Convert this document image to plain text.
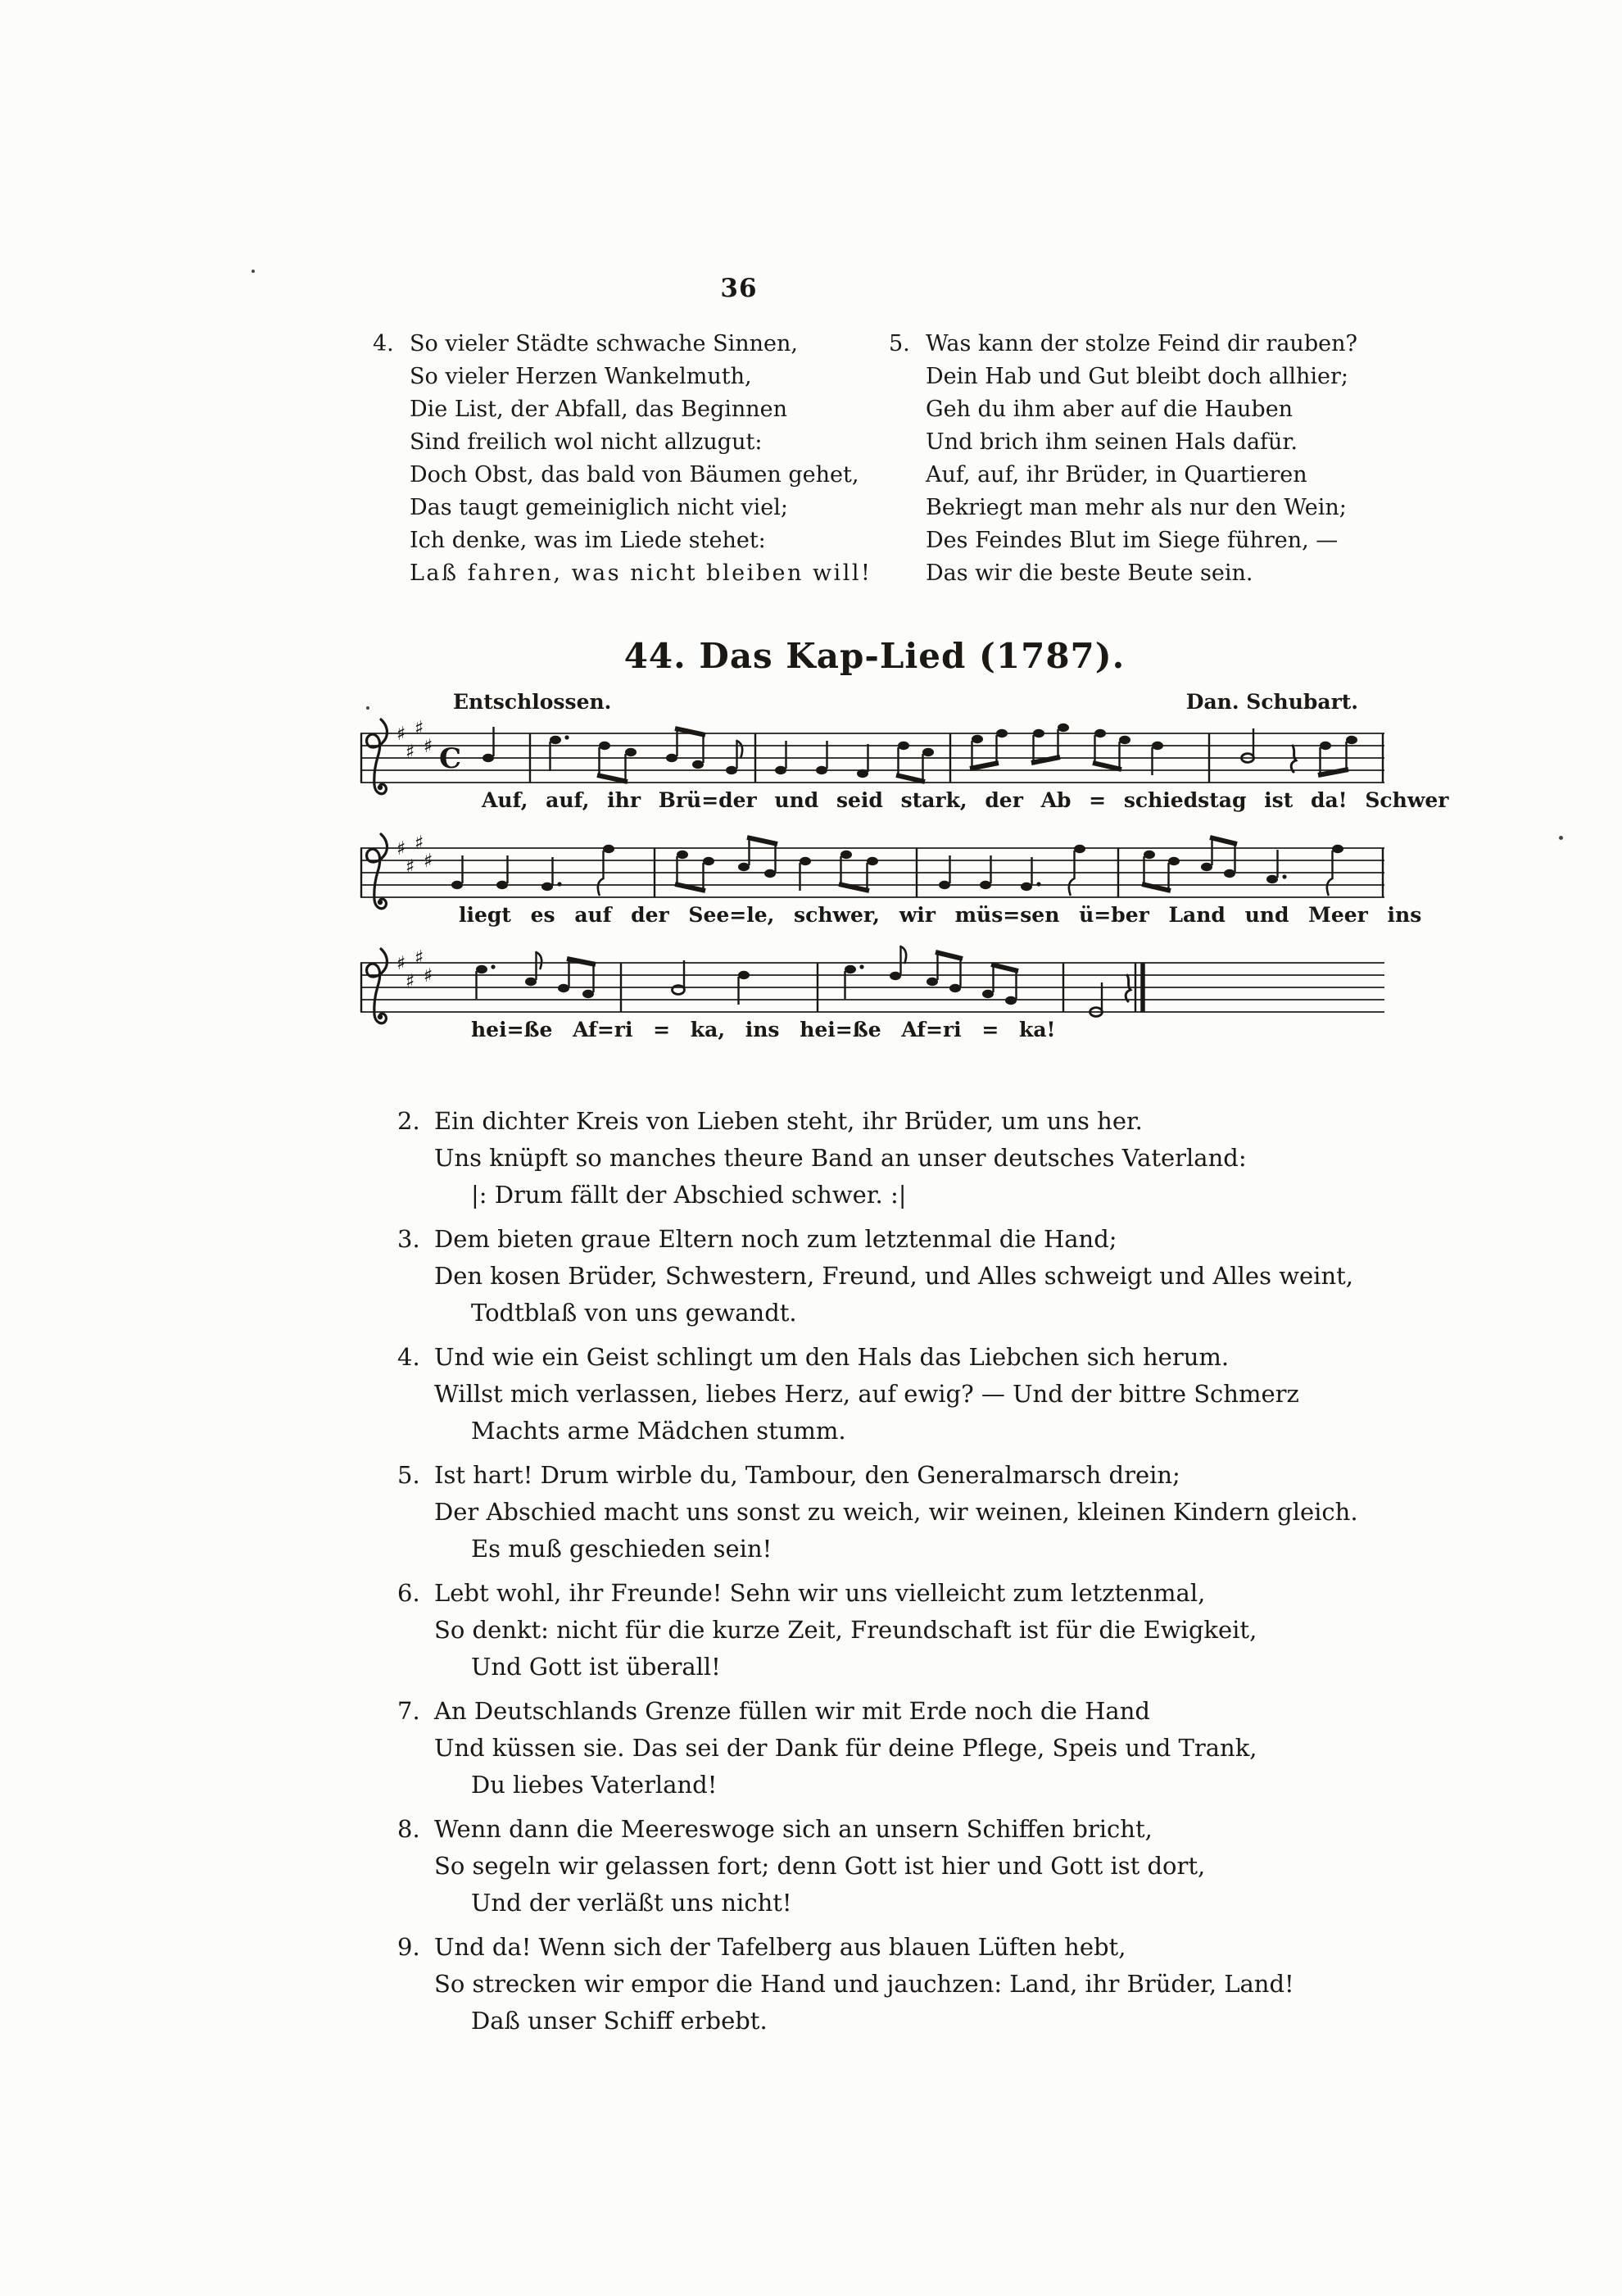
36
4. So vieler Städte schwache Sinnen,
So vieler Herzen Wankelmuth,
Die List, der Abfall, das Beginnen
Sind freilich wol nicht allzugut:
Doch Obst, das bald von Bäumen gehet,
Das taugt gemeiniglich nicht viel;
Ich denke, was im Liede stehet:
Laß fahren, was nicht bleiben will!
5. Was kann der stolze Feind dir rauben?
Dein Hab und Gut bleibt doch allhier;
Geh du ihm aber auf die Hauben
Und brich ihm seinen Hals dafür.
Auf, auf, ihr Brüder, in Quartieren
Bekriegt man mehr als nur den Wein;
Des Feindes Blut im Siege führen, —
Das wir die beste Beute sein.
44. Das Kap-Lied (1787).
Entschlossen.	Dan. Schubart.
♯
♯
♯
♯ C
Auf, auf, ihr Brü=der und seid stark, der Ab = schiedstag ist da! Schwer
♯
♯
♯
♯
liegt es auf der See=le, schwer, wir müs=sen ü=ber Land und Meer ins
♯
♯
♯
♯
hei=ße Af=ri = ka, ins hei=ße Af=ri = ka!
2. Ein dichter Kreis von Lieben steht, ihr Brüder, um uns her.
Uns knüpft so manches theure Band an unser deutsches Vaterland:
|: Drum fällt der Abschied schwer. :|
3. Dem bieten graue Eltern noch zum letztenmal die Hand;
Den kosen Brüder, Schwestern, Freund, und Alles schweigt und Alles weint,
Todtblaß von uns gewandt.
4. Und wie ein Geist schlingt um den Hals das Liebchen sich herum.
Willst mich verlassen, liebes Herz, auf ewig? — Und der bittre Schmerz
Machts arme Mädchen stumm.
5. Ist hart! Drum wirble du, Tambour, den Generalmarsch drein;
Der Abschied macht uns sonst zu weich, wir weinen, kleinen Kindern gleich.
Es muß geschieden sein!
6. Lebt wohl, ihr Freunde! Sehn wir uns vielleicht zum letztenmal,
So denkt: nicht für die kurze Zeit, Freundschaft ist für die Ewigkeit,
Und Gott ist überall!
7. An Deutschlands Grenze füllen wir mit Erde noch die Hand
Und küssen sie. Das sei der Dank für deine Pflege, Speis und Trank,
Du liebes Vaterland!
8. Wenn dann die Meereswoge sich an unsern Schiffen bricht,
So segeln wir gelassen fort; denn Gott ist hier und Gott ist dort,
Und der verläßt uns nicht!
9. Und da! Wenn sich der Tafelberg aus blauen Lüften hebt,
So strecken wir empor die Hand und jauchzen: Land, ihr Brüder, Land!
Daß unser Schiff erbebt.
